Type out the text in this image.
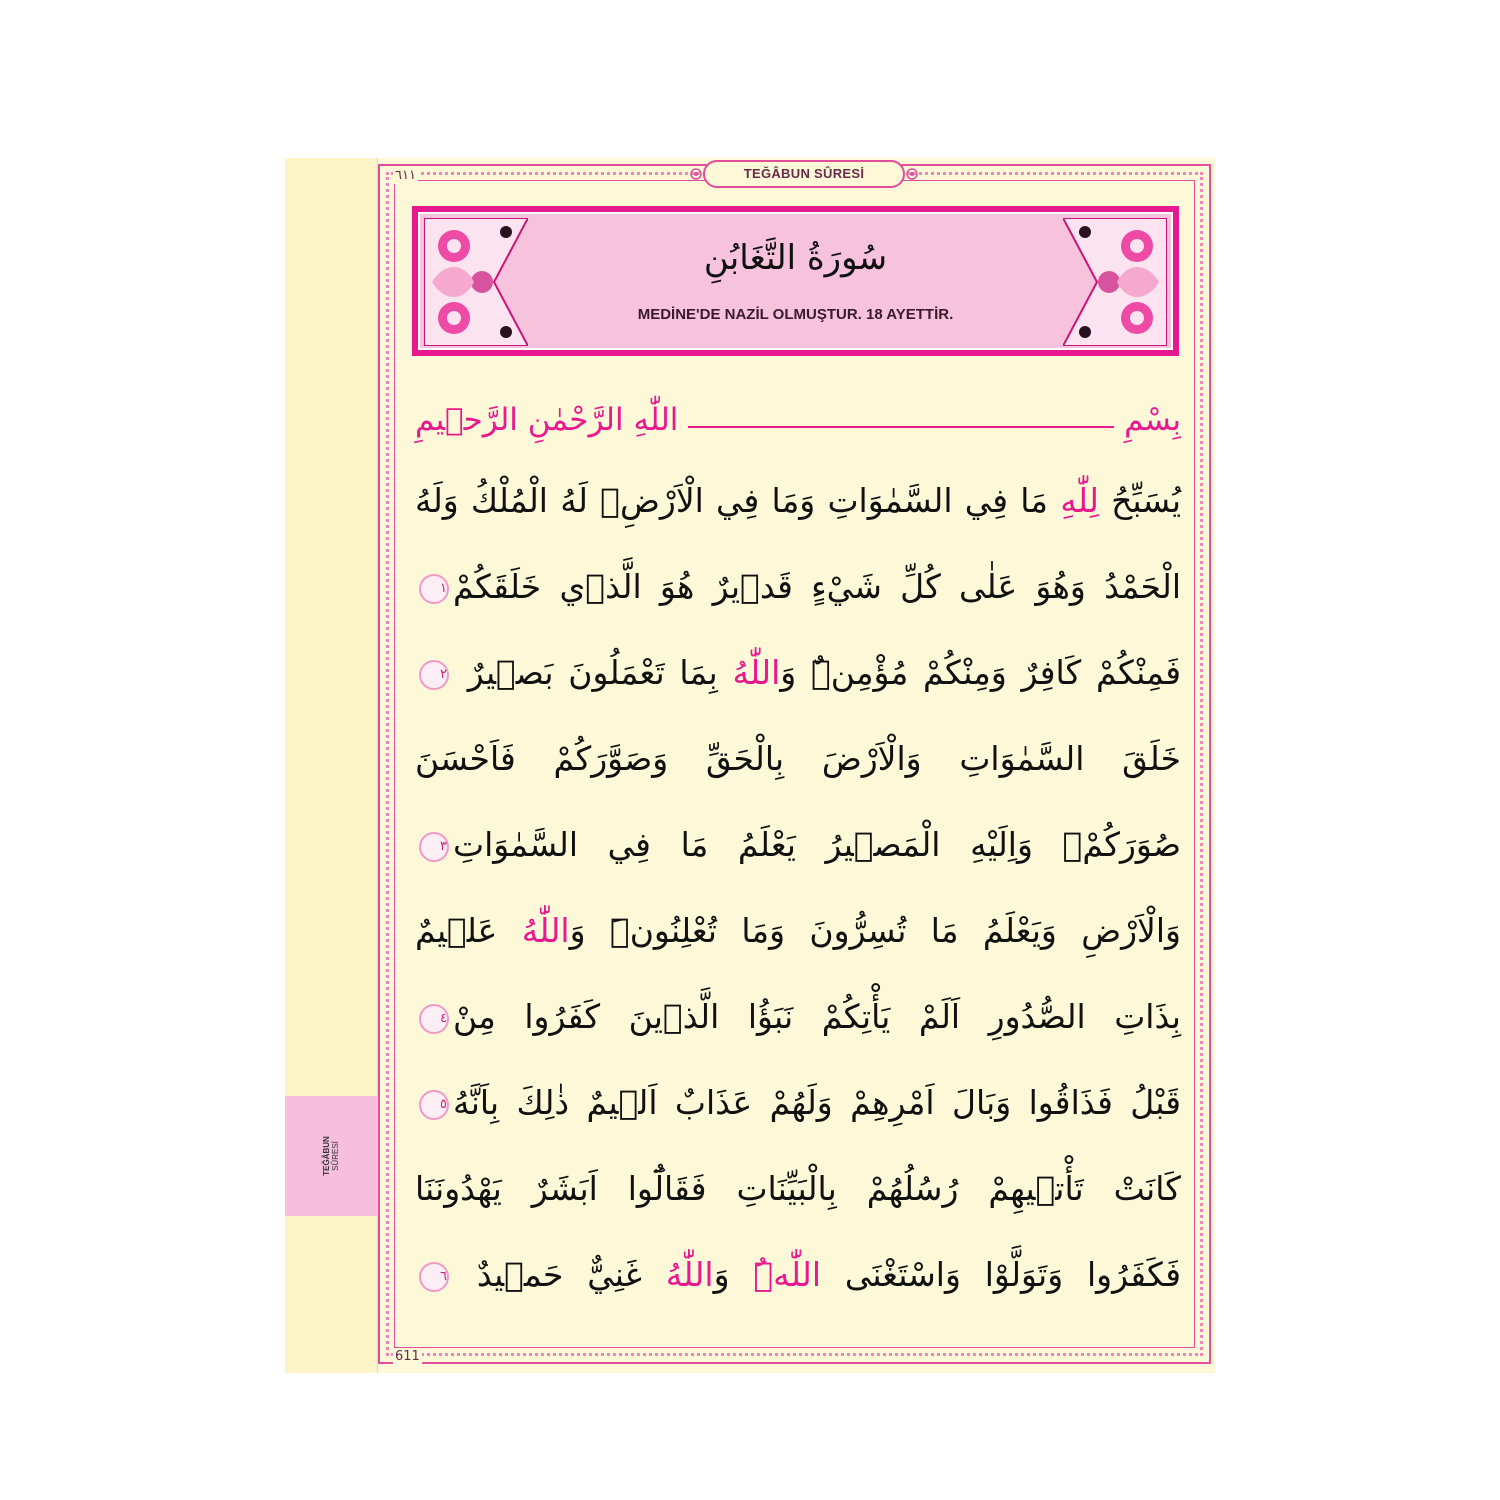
TEĞÂBUN SÛRESİ
٦١١
611
TEĞÂBUN SÛRESİ
سُورَةُ التَّغَابُنِ
MEDİNE'DE NAZİL OLMUŞTUR. 18 AYETTİR.
بِسْمِ
اللّٰهِ الرَّحْمٰنِ الرَّح۪يمِ
يُسَبِّحُ لِلّٰهِ مَا فِي السَّمٰوَاتِ وَمَا فِي الْاَرْضِۚ لَهُ الْمُلْكُ وَلَهُ
الْحَمْدُ وَهُوَ عَلٰى كُلِّ شَيْءٍ قَد۪يرٌ هُوَ الَّذ۪ي خَلَقَكُمْ١
فَمِنْكُمْ كَافِرٌ وَمِنْكُمْ مُؤْمِنٌۜ وَاللّٰهُ بِمَا تَعْمَلُونَ بَص۪يرٌ ٢
خَلَقَ السَّمٰوَاتِ وَالْاَرْضَ بِالْحَقِّ وَصَوَّرَكُمْ فَاَحْسَنَ
صُوَرَكُمْۚ وَاِلَيْهِ الْمَص۪يرُ يَعْلَمُ مَا فِي السَّمٰوَاتِ٣
وَالْاَرْضِ وَيَعْلَمُ مَا تُسِرُّونَ وَمَا تُعْلِنُونَۜ وَاللّٰهُ عَل۪يمٌ
بِذَاتِ الصُّدُورِ اَلَمْ يَأْتِكُمْ نَبَؤُا الَّذ۪ينَ كَفَرُوا مِنْ٤
قَبْلُ فَذَاقُوا وَبَالَ اَمْرِهِمْ وَلَهُمْ عَذَابٌ اَل۪يمٌ ذٰلِكَ بِاَنَّهُ٥
كَانَتْ تَأْت۪يهِمْ رُسُلُهُمْ بِالْبَيِّنَاتِ فَقَالُٓوا اَبَشَرٌ يَهْدُونَنَا
فَكَفَرُوا وَتَوَلَّوْا وَاسْتَغْنَى اللّٰهُۜ وَاللّٰهُ غَنِيٌّ حَم۪يدٌ ٦
